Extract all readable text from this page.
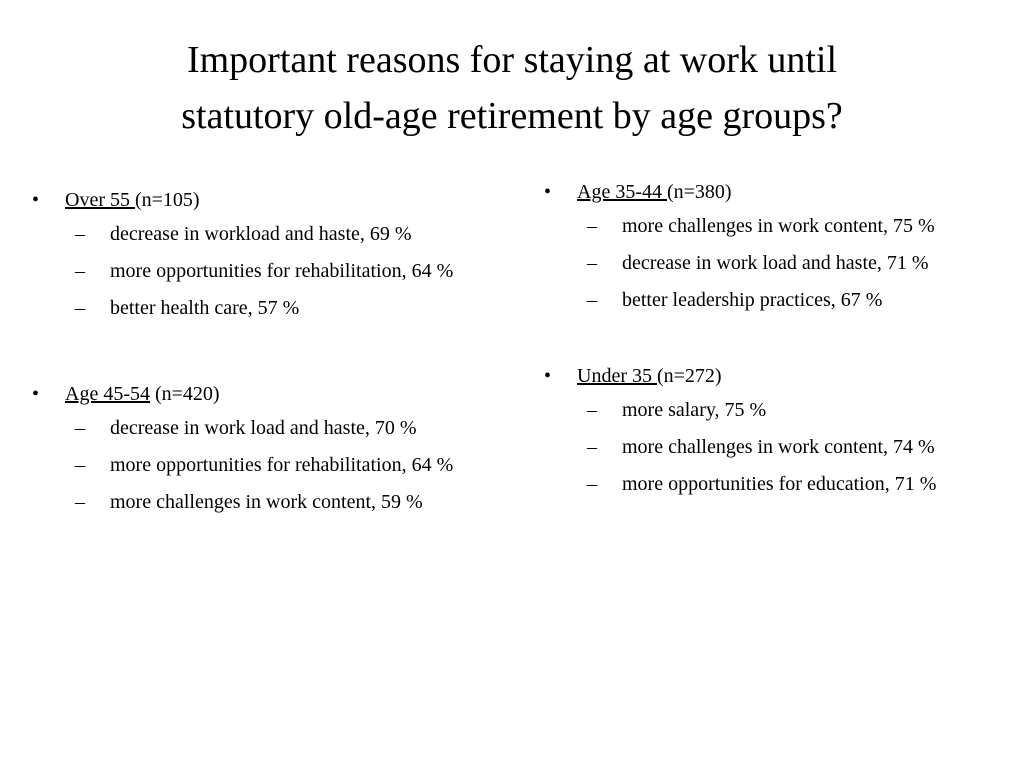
Important reasons for staying at work until
statutory old-age retirement by age groups?
• Over 55 (n=105)
– decrease in workload and haste, 69 %
– more opportunities for rehabilitation, 64 %
– better health care, 57 %
• Age 45-54 (n=420)
– decrease in work load and haste, 70 %
– more opportunities for rehabilitation, 64 %
– more challenges in work content, 59 %
• Age 35-44 (n=380)
– more challenges in work content, 75 %
– decrease in work load and haste, 71 %
– better leadership practices, 67 %
• Under 35 (n=272)
– more salary, 75 %
– more challenges in work content, 74 %
– more opportunities for education, 71 %
